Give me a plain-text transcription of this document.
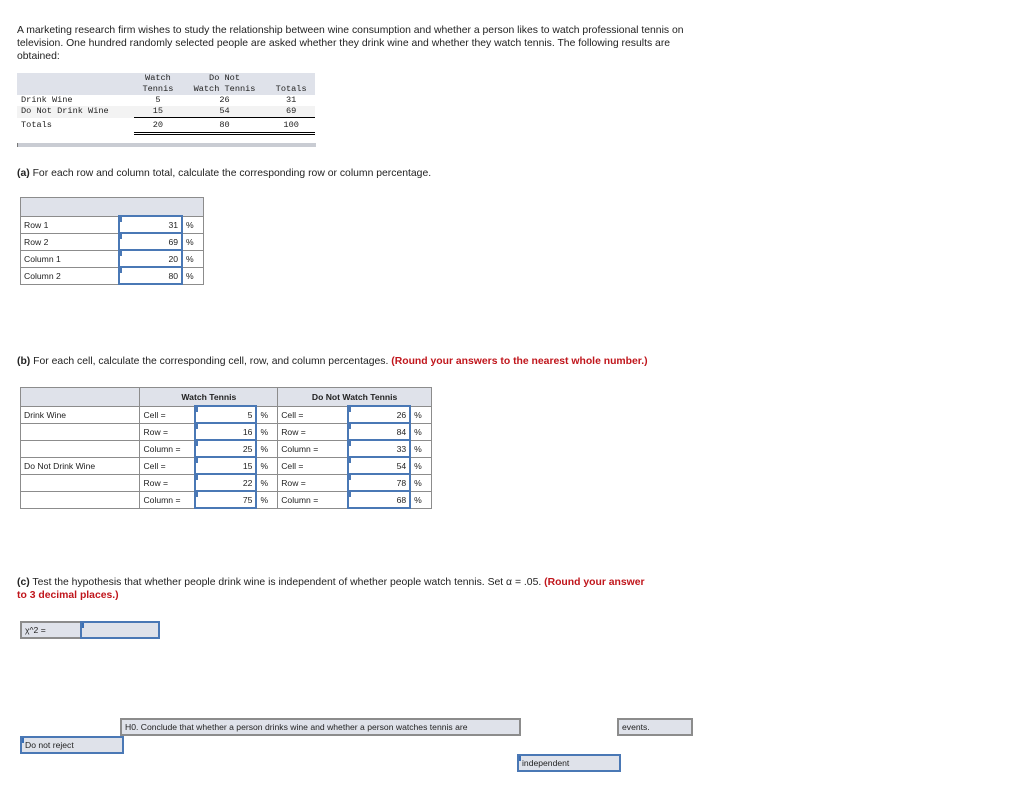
A marketing research firm wishes to study the relationship between wine consumption and whether a person likes to watch professional tennis on television. One hundred randomly selected people are asked whether they drink wine and whether they watch tennis. The following results are obtained:
	Watch	Do Not	
	Tennis	Watch Tennis	Totals
Drink Wine	5	26	31
Do Not Drink Wine	15	54	69
Totals	20	80	100
(a) For each row and column total, calculate the corresponding row or column percentage.

Row 1	31	%
Row 2	69	%
Column 1	20	%
Column 2	80	%
(b) For each cell, calculate the corresponding cell, row, and column percentages. (Round your answers to the nearest whole number.)
	Watch Tennis			Do Not Watch Tennis		
Drink Wine	Cell =	5	%	Cell =	26	%
	Row =	16	%	Row =	84	%
	Column =	25	%	Column =	33	%
Do Not Drink Wine	Cell =	15	%	Cell =	54	%
	Row =	22	%	Row =	78	%
	Column =	75	%	Column =	68	%
(c) Test the hypothesis that whether people drink wine is independent of whether people watch tennis. Set α = .05. (Round your answer to 3 decimal places.)
χ^2 =
Do not reject
H0. Conclude that whether a person drinks wine and whether a person watches tennis are
independent
events.
